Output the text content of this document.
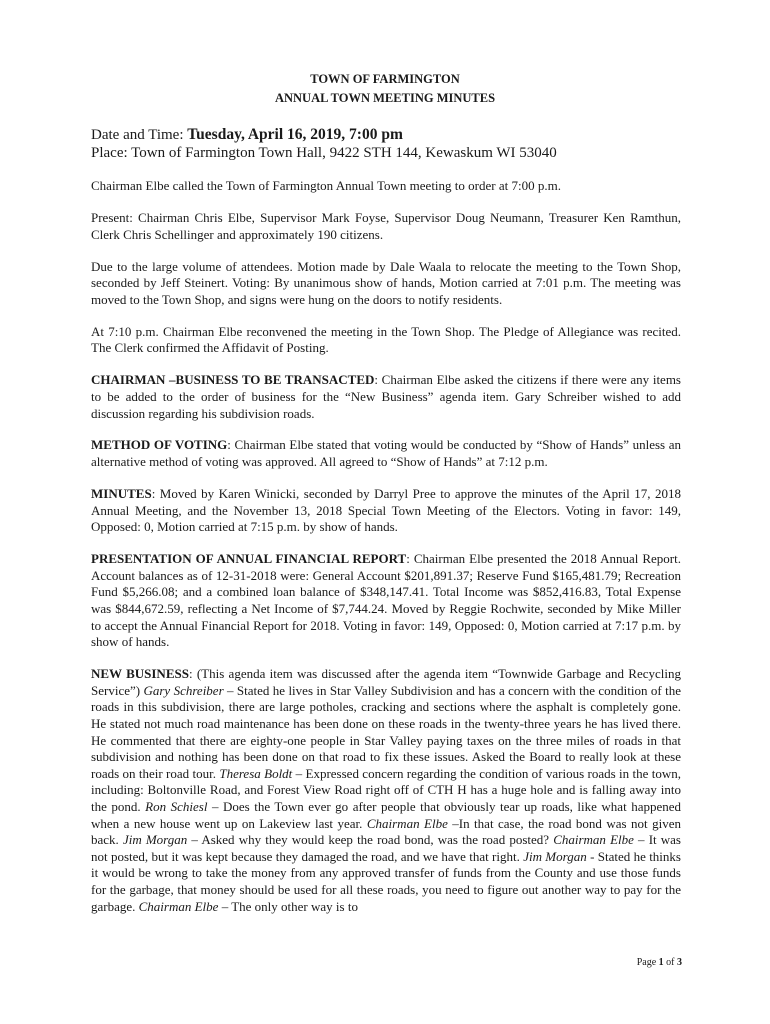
TOWN OF FARMINGTON
ANNUAL TOWN MEETING MINUTES
Date and Time: Tuesday, April 16, 2019, 7:00 pm
Place: Town of Farmington Town Hall, 9422 STH 144, Kewaskum WI 53040

Chairman Elbe called the Town of Farmington Annual Town meeting to order at 7:00 p.m.

Present: Chairman Chris Elbe, Supervisor Mark Foyse, Supervisor Doug Neumann, Treasurer Ken Ramthun, Clerk Chris Schellinger and approximately 190 citizens.

Due to the large volume of attendees. Motion made by Dale Waala to relocate the meeting to the Town Shop, seconded by Jeff Steinert. Voting: By unanimous show of hands, Motion carried at 7:01 p.m. The meeting was moved to the Town Shop, and signs were hung on the doors to notify residents.

At 7:10 p.m. Chairman Elbe reconvened the meeting in the Town Shop. The Pledge of Allegiance was recited. The Clerk confirmed the Affidavit of Posting.

CHAIRMAN –BUSINESS TO BE TRANSACTED: Chairman Elbe asked the citizens if there were any items to be added to the order of business for the “New Business” agenda item. Gary Schreiber wished to add discussion regarding his subdivision roads.

METHOD OF VOTING: Chairman Elbe stated that voting would be conducted by “Show of Hands” unless an alternative method of voting was approved. All agreed to “Show of Hands” at 7:12 p.m.

MINUTES: Moved by Karen Winicki, seconded by Darryl Pree to approve the minutes of the April 17, 2018 Annual Meeting, and the November 13, 2018 Special Town Meeting of the Electors. Voting in favor: 149, Opposed: 0, Motion carried at 7:15 p.m. by show of hands.

PRESENTATION OF ANNUAL FINANCIAL REPORT: Chairman Elbe presented the 2018 Annual Report. Account balances as of 12-31-2018 were: General Account $201,891.37; Reserve Fund $165,481.79; Recreation Fund $5,266.08; and a combined loan balance of $348,147.41. Total Income was $852,416.83, Total Expense was $844,672.59, reflecting a Net Income of $7,744.24. Moved by Reggie Rochwite, seconded by Mike Miller to accept the Annual Financial Report for 2018. Voting in favor: 149, Opposed: 0, Motion carried at 7:17 p.m. by show of hands.

NEW BUSINESS: (This agenda item was discussed after the agenda item “Townwide Garbage and Recycling Service”) Gary Schreiber – Stated he lives in Star Valley Subdivision and has a concern with the condition of the roads in this subdivision, there are large potholes, cracking and sections where the asphalt is completely gone. He stated not much road maintenance has been done on these roads in the twenty-three years he has lived there. He commented that there are eighty-one people in Star Valley paying taxes on the three miles of roads in that subdivision and nothing has been done on that road to fix these issues. Asked the Board to really look at these roads on their road tour. Theresa Boldt – Expressed concern regarding the condition of various roads in the town, including: Boltonville Road, and Forest View Road right off of CTH H has a huge hole and is falling away into the pond. Ron Schiesl – Does the Town ever go after people that obviously tear up roads, like what happened when a new house went up on Lakeview last year. Chairman Elbe –In that case, the road bond was not given back. Jim Morgan – Asked why they would keep the road bond, was the road posted? Chairman Elbe – It was not posted, but it was kept because they damaged the road, and we have that right. Jim Morgan - Stated he thinks it would be wrong to take the money from any approved transfer of funds from the County and use those funds for the garbage, that money should be used for all these roads, you need to figure out another way to pay for the garbage. Chairman Elbe – The only other way is to

Page 1 of 3
